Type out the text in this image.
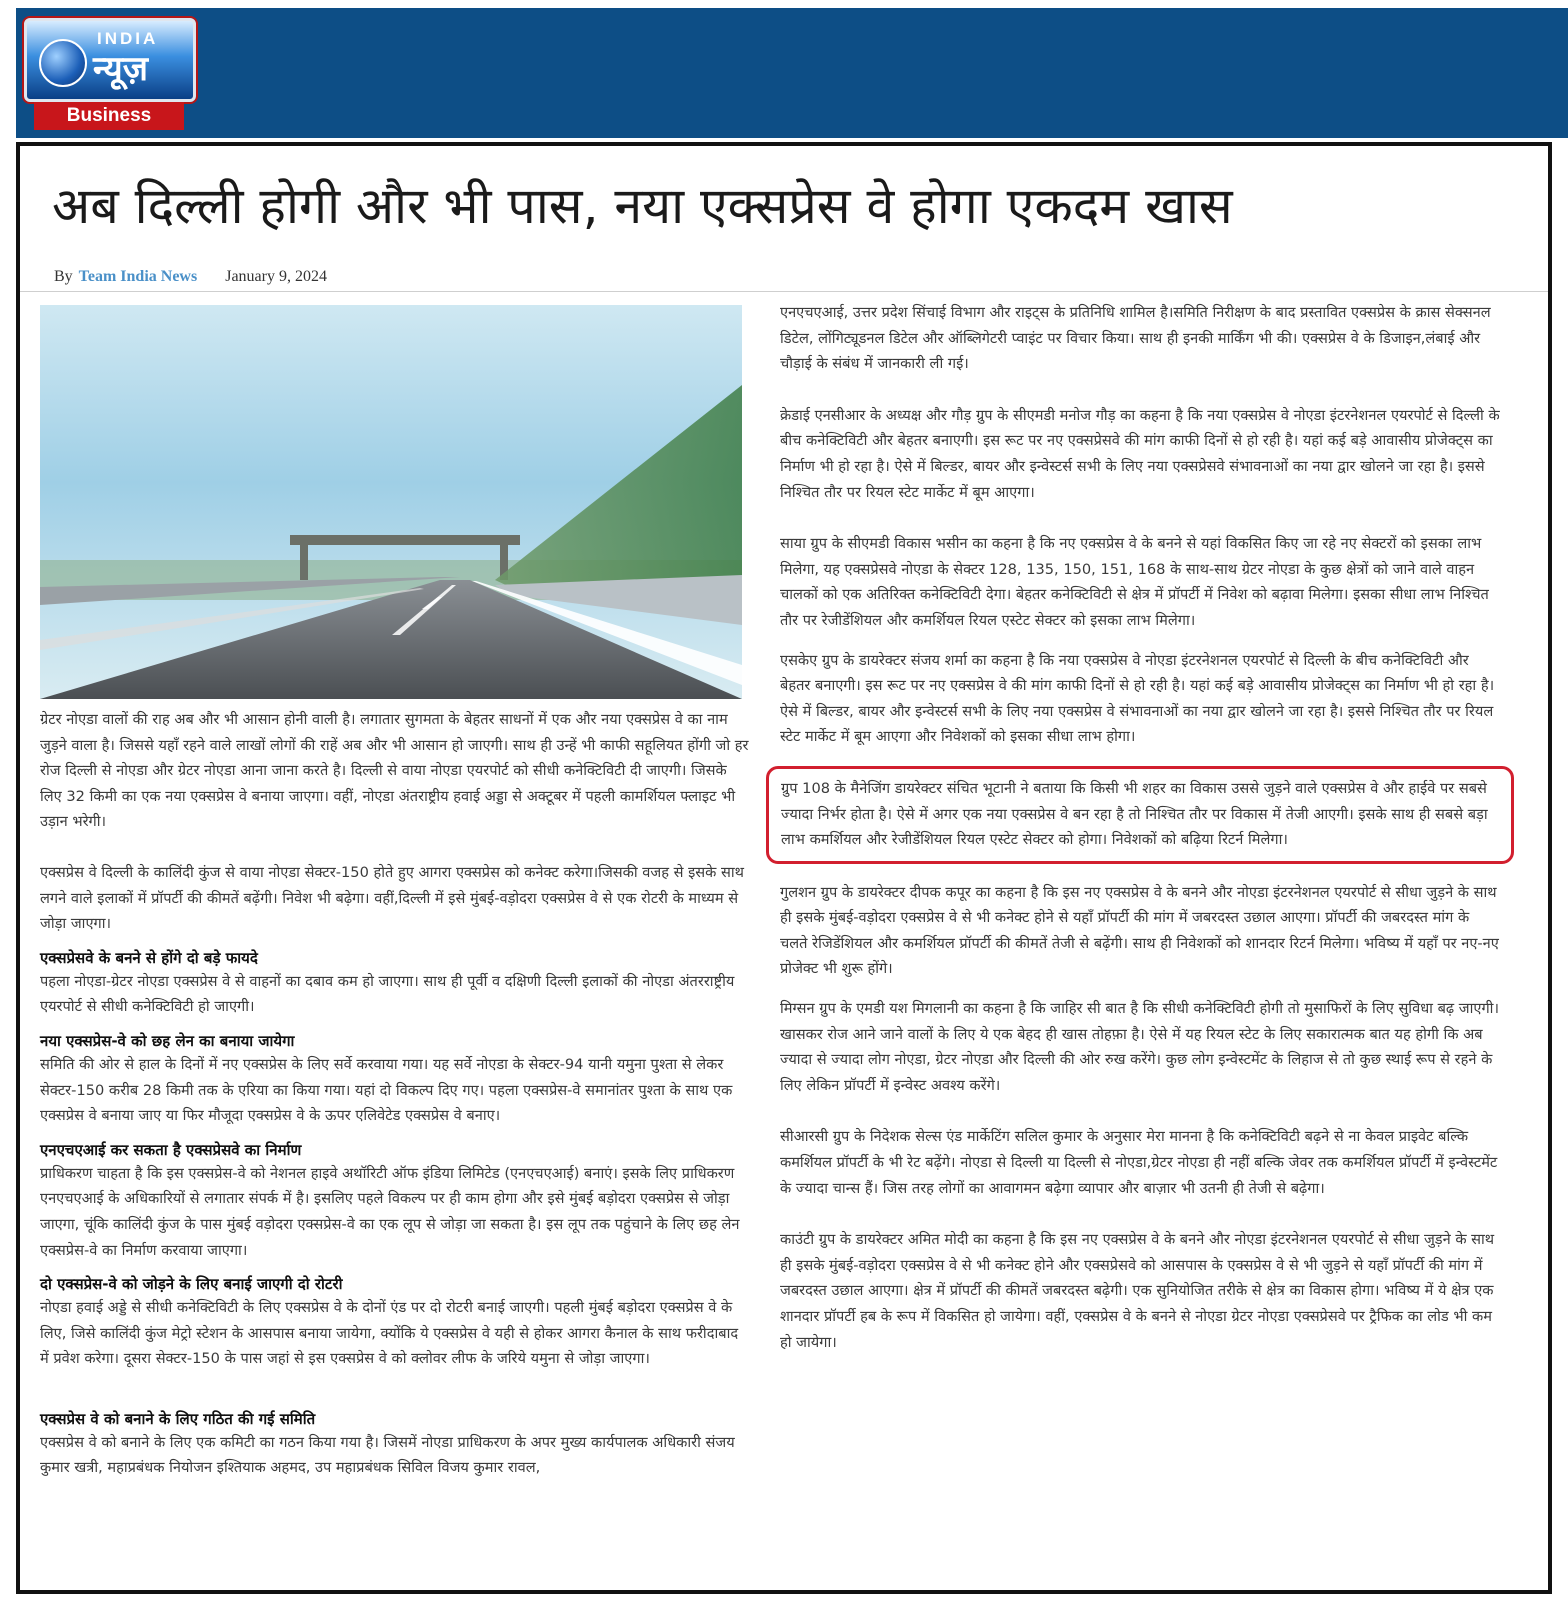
INDIA
न्यूज़
Business
अब दिल्ली होगी और भी पास, नया एक्सप्रेस वे होगा एकदम खास
By Team India News January 9, 2024

ग्रेटर नोएडा वालों की राह अब और भी आसान होनी वाली है। लगातार सुगमता के बेहतर साधनों में एक और नया एक्सप्रेस वे का नाम जुड़ने वाला है। जिससे यहाँ रहने वाले लाखों लोगों की राहें अब और भी आसान हो जाएगी। साथ ही उन्हें भी काफी सहूलियत होंगी जो हर रोज दिल्ली से नोएडा और ग्रेटर नोएडा आना जाना करते है। दिल्ली से वाया नोएडा एयरपोर्ट को सीधी कनेक्टिविटी दी जाएगी। जिसके लिए 32 किमी का एक नया एक्सप्रेस वे बनाया जाएगा। वहीं, नोएडा अंतराष्ट्रीय हवाई अड्डा से अक्टूबर में पहली कामर्शियल फ्लाइट भी उड़ान भरेगी।

एक्सप्रेस वे दिल्ली के कालिंदी कुंज से वाया नोएडा सेक्टर-150 होते हुए आगरा एक्सप्रेस को कनेक्ट करेगा।जिसकी वजह से इसके साथ लगने वाले इलाकों में प्रॉपर्टी की कीमतें बढ़ेंगी। निवेश भी बढ़ेगा। वहीं,दिल्ली में इसे मुंबई-वड़ोदरा एक्सप्रेस वे से एक रोटरी के माध्यम से जोड़ा जाएगा।

एक्सप्रेसवे के बनने से होंगे दो बड़े फायदे

पहला नोएडा-ग्रेटर नोएडा एक्सप्रेस वे से वाहनों का दबाव कम हो जाएगा। साथ ही पूर्वी व दक्षिणी दिल्ली इलाकों की नोएडा अंतरराष्ट्रीय एयरपोर्ट से सीधी कनेक्टिविटी हो जाएगी।

नया एक्सप्रेस-वे को छह लेन का बनाया जायेगा

समिति की ओर से हाल के दिनों में नए एक्सप्रेस के लिए सर्वे करवाया गया। यह सर्वे नोएडा के सेक्टर-94 यानी यमुना पुश्ता से लेकर सेक्टर-150 करीब 28 किमी तक के एरिया का किया गया। यहां दो विकल्प दिए गए। पहला एक्सप्रेस-वे समानांतर पुश्ता के साथ एक एक्सप्रेस वे बनाया जाए या फिर मौजूदा एक्सप्रेस वे के ऊपर एलिवेटेड एक्सप्रेस वे बनाए।

एनएचएआई कर सकता है एक्सप्रेसवे का निर्माण

प्राधिकरण चाहता है कि इस एक्सप्रेस-वे को नेशनल हाइवे अथॉरिटी ऑफ इंडिया लिमिटेड (एनएचएआई) बनाएं। इसके लिए प्राधिकरण एनएचएआई के अधिकारियों से लगातार संपर्क में है। इसलिए पहले विकल्प पर ही काम होगा और इसे मुंबई बड़ोदरा एक्सप्रेस से जोड़ा जाएगा, चूंकि कालिंदी कुंज के पास मुंबई वड़ोदरा एक्सप्रेस-वे का एक लूप से जोड़ा जा सकता है। इस लूप तक पहुंचाने के लिए छह लेन एक्सप्रेस-वे का निर्माण करवाया जाएगा।

दो एक्सप्रेस-वे को जोड़ने के लिए बनाई जाएगी दो रोटरी

नोएडा हवाई अड्डे से सीधी कनेक्टिविटी के लिए एक्सप्रेस वे के दोनों एंड पर दो रोटरी बनाई जाएगी। पहली मुंबई बड़ोदरा एक्सप्रेस वे के लिए, जिसे कालिंदी कुंज मेट्रो स्टेशन के आसपास बनाया जायेगा, क्योंकि ये एक्सप्रेस वे यही से होकर आगरा कैनाल के साथ फरीदाबाद में प्रवेश करेगा। दूसरा सेक्टर-150 के पास जहां से इस एक्सप्रेस वे को क्लोवर लीफ के जरिये यमुना से जोड़ा जाएगा।

एक्सप्रेस वे को बनाने के लिए गठित की गई समिति

एक्सप्रेस वे को बनाने के लिए एक कमिटी का गठन किया गया है। जिसमें नोएडा प्राधिकरण के अपर मुख्य कार्यपालक अधिकारी संजय कुमार खत्री, महाप्रबंधक नियोजन इश्तियाक अहमद, उप महाप्रबंधक सिविल विजय कुमार रावल,

एनएचएआई, उत्तर प्रदेश सिंचाई विभाग और राइट्स के प्रतिनिधि शामिल है।समिति निरीक्षण के बाद प्रस्तावित एक्सप्रेस के क्रास सेक्सनल डिटेल, लोंगिट्यूडनल डिटेल और ऑब्लिगेटरी प्वाइंट पर विचार किया। साथ ही इनकी मार्किंग भी की। एक्सप्रेस वे के डिजाइन,लंबाई और चौड़ाई के संबंध में जानकारी ली गई।

क्रेडाई एनसीआर के अध्यक्ष और गौड़ ग्रुप के सीएमडी मनोज गौड़ का कहना है कि नया एक्सप्रेस वे नोएडा इंटरनेशनल एयरपोर्ट से दिल्ली के बीच कनेक्टिविटी और बेहतर बनाएगी। इस रूट पर नए एक्सप्रेसवे की मांग काफी दिनों से हो रही है। यहां कई बड़े आवासीय प्रोजेक्ट्स का निर्माण भी हो रहा है। ऐसे में बिल्डर, बायर और इन्वेस्टर्स सभी के लिए नया एक्सप्रेसवे संभावनाओं का नया द्वार खोलने जा रहा है। इससे निश्चित तौर पर रियल स्टेट मार्केट में बूम आएगा।

साया ग्रुप के सीएमडी विकास भसीन का कहना है कि नए एक्सप्रेस वे के बनने से यहां विकसित किए जा रहे नए सेक्टरों को इसका लाभ मिलेगा, यह एक्सप्रेसवे नोएडा के सेक्टर 128, 135, 150, 151, 168 के साथ-साथ ग्रेटर नोएडा के कुछ क्षेत्रों को जाने वाले वाहन चालकों को एक अतिरिक्त कनेक्टिविटी देगा। बेहतर कनेक्टिविटी से क्षेत्र में प्रॉपर्टी में निवेश को बढ़ावा मिलेगा। इसका सीधा लाभ निश्चित तौर पर रेजीडेंशियल और कमर्शियल रियल एस्टेट सेक्टर को इसका लाभ मिलेगा।

एसकेए ग्रुप के डायरेक्टर संजय शर्मा का कहना है कि नया एक्सप्रेस वे नोएडा इंटरनेशनल एयरपोर्ट से दिल्ली के बीच कनेक्टिविटी और बेहतर बनाएगी। इस रूट पर नए एक्सप्रेस वे की मांग काफी दिनों से हो रही है। यहां कई बड़े आवासीय प्रोजेक्ट्स का निर्माण भी हो रहा है। ऐसे में बिल्डर, बायर और इन्वेस्टर्स सभी के लिए नया एक्सप्रेस वे संभावनाओं का नया द्वार खोलने जा रहा है। इससे निश्चित तौर पर रियल स्टेट मार्केट में बूम आएगा और निवेशकों को इसका सीधा लाभ होगा।

ग्रुप 108 के मैनेजिंग डायरेक्टर संचित भूटानी ने बताया कि किसी भी शहर का विकास उससे जुड़ने वाले एक्सप्रेस वे और हाईवे पर सबसे ज्यादा निर्भर होता है। ऐसे में अगर एक नया एक्सप्रेस वे बन रहा है तो निश्चित तौर पर विकास में तेजी आएगी। इसके साथ ही सबसे बड़ा लाभ कमर्शियल और रेजीडेंशियल रियल एस्टेट सेक्टर को होगा। निवेशकों को बढ़िया रिटर्न मिलेगा।

गुलशन ग्रुप के डायरेक्टर दीपक कपूर का कहना है कि इस नए एक्सप्रेस वे के बनने और नोएडा इंटरनेशनल एयरपोर्ट से सीधा जुड़ने के साथ ही इसके मुंबई-वड़ोदरा एक्सप्रेस वे से भी कनेक्ट होने से यहाँ प्रॉपर्टी की मांग में जबरदस्त उछाल आएगा। प्रॉपर्टी की जबरदस्त मांग के चलते रेजिडेंशियल और कमर्शियल प्रॉपर्टी की कीमतें तेजी से बढ़ेंगी। साथ ही निवेशकों को शानदार रिटर्न मिलेगा। भविष्य में यहाँ पर नए-नए प्रोजेक्ट भी शुरू होंगे।

मिग्सन ग्रुप के एमडी यश मिगलानी का कहना है कि जाहिर सी बात है कि सीधी कनेक्टिविटी होगी तो मुसाफिरों के लिए सुविधा बढ़ जाएगी। खासकर रोज आने जाने वालों के लिए ये एक बेहद ही खास तोहफ़ा है। ऐसे में यह रियल स्टेट के लिए सकारात्मक बात यह होगी कि अब ज्यादा से ज्यादा लोग नोएडा, ग्रेटर नोएडा और दिल्ली की ओर रुख करेंगे। कुछ लोग इन्वेस्टमेंट के लिहाज से तो कुछ स्थाई रूप से रहने के लिए लेकिन प्रॉपर्टी में इन्वेस्ट अवश्य करेंगे।

सीआरसी ग्रुप के निदेशक सेल्स एंड मार्केटिंग सलिल कुमार के अनुसार मेरा मानना है कि कनेक्टिविटी बढ़ने से ना केवल प्राइवेट बल्कि कमर्शियल प्रॉपर्टी के भी रेट बढ़ेंगे। नोएडा से दिल्ली या दिल्ली से नोएडा,ग्रेटर नोएडा ही नहीं बल्कि जेवर तक कमर्शियल प्रॉपर्टी में इन्वेस्टमेंट के ज्यादा चान्स हैं। जिस तरह लोगों का आवागमन बढ़ेगा व्यापार और बाज़ार भी उतनी ही तेजी से बढ़ेगा।

काउंटी ग्रुप के डायरेक्टर अमित मोदी का कहना है कि इस नए एक्सप्रेस वे के बनने और नोएडा इंटरनेशनल एयरपोर्ट से सीधा जुड़ने के साथ ही इसके मुंबई-वड़ोदरा एक्सप्रेस वे से भी कनेक्ट होने और एक्सप्रेसवे को आसपास के एक्सप्रेस वे से भी जुड़ने से यहाँ प्रॉपर्टी की मांग में जबरदस्त उछाल आएगा। क्षेत्र में प्रॉपर्टी की कीमतें जबरदस्त बढ़ेगी। एक सुनियोजित तरीके से क्षेत्र का विकास होगा। भविष्य में ये क्षेत्र एक शानदार प्रॉपर्टी हब के रूप में विकसित हो जायेगा। वहीं, एक्सप्रेस वे के बनने से नोएडा ग्रेटर नोएडा एक्सप्रेसवे पर ट्रैफिक का लोड भी कम हो जायेगा।
